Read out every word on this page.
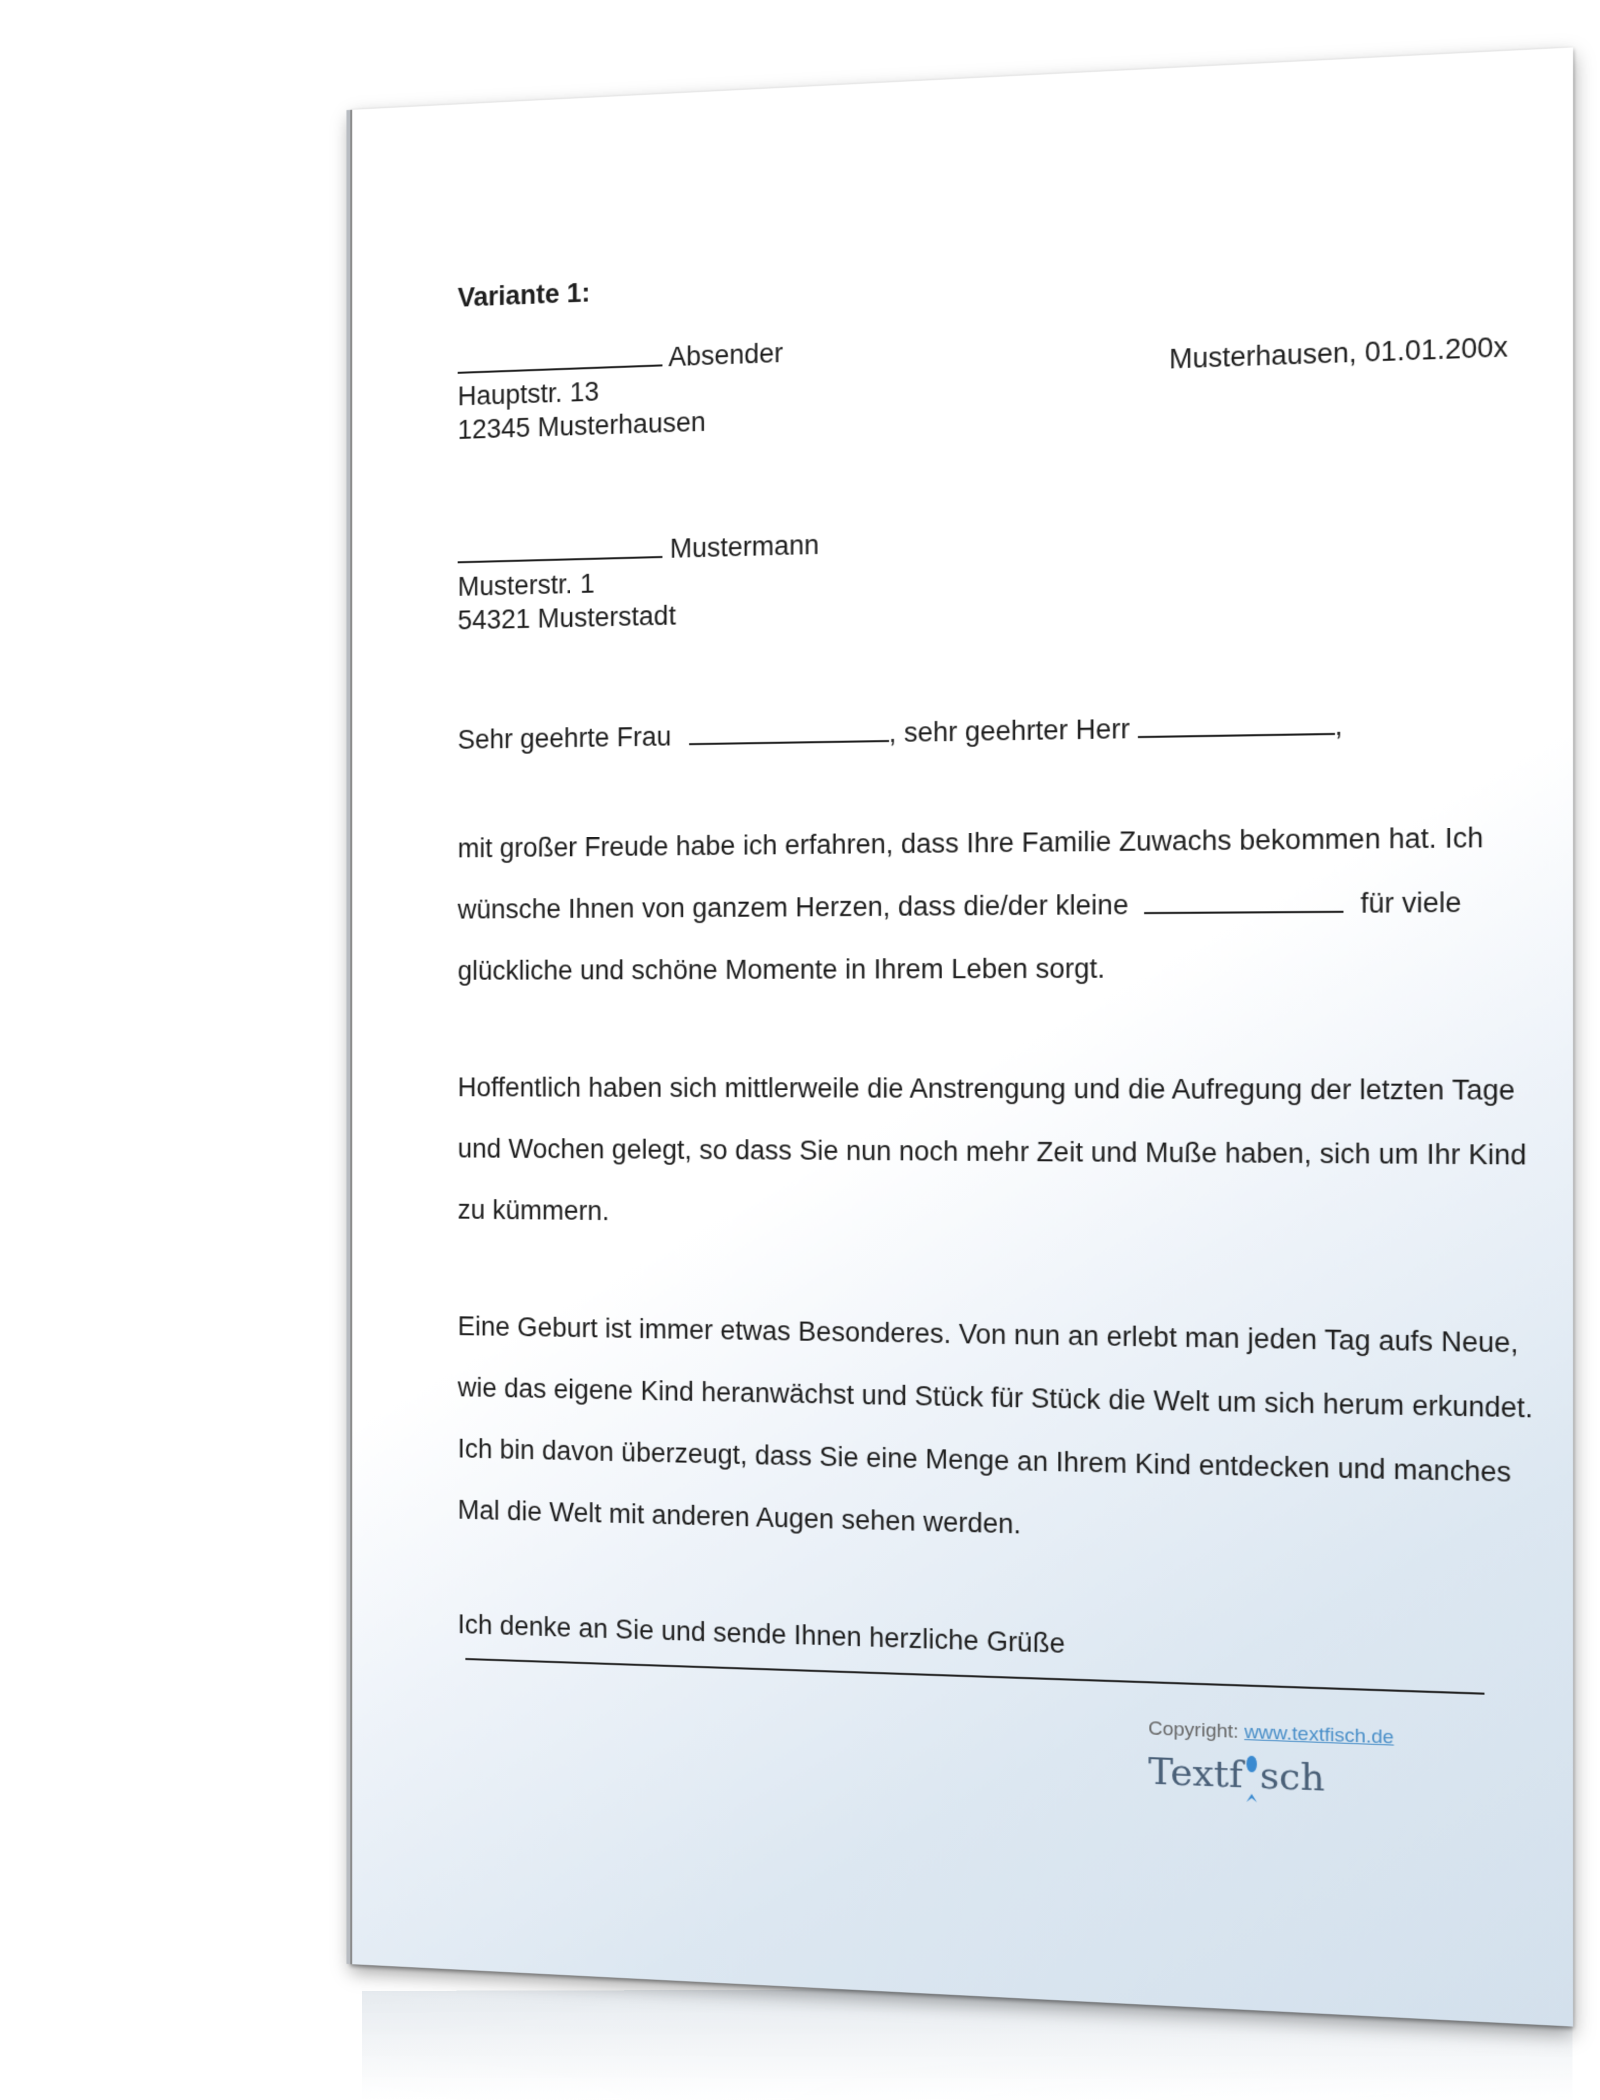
Variante 1:
Absender
Hauptstr. 13
12345 Musterhausen
Musterhausen, 01.01.200x
Mustermann
Musterstr. 1
54321 Musterstadt
Sehr geehrte Frau	, sehr geehrter Herr	,
mit großer Freude habe ich erfahren, dass Ihre Familie Zuwachs bekommen hat. Ich
wünsche Ihnen von ganzem Herzen, dass die/der kleine	für viele
glückliche und schöne Momente in Ihrem Leben sorgt.
Hoffentlich haben sich mittlerweile die Anstrengung und die Aufregung der letzten Tage
und Wochen gelegt, so dass Sie nun noch mehr Zeit und Muße haben, sich um Ihr Kind
zu kümmern.
Eine Geburt ist immer etwas Besonderes. Von nun an erlebt man jeden Tag aufs Neue,
wie das eigene Kind heranwächst und Stück für Stück die Welt um sich herum erkundet.
Ich bin davon überzeugt, dass Sie eine Menge an Ihrem Kind entdecken und manches
Mal die Welt mit anderen Augen sehen werden.
Ich denke an Sie und sende Ihnen herzliche Grüße
Copyright: www.textfisch.de
Textf sch
